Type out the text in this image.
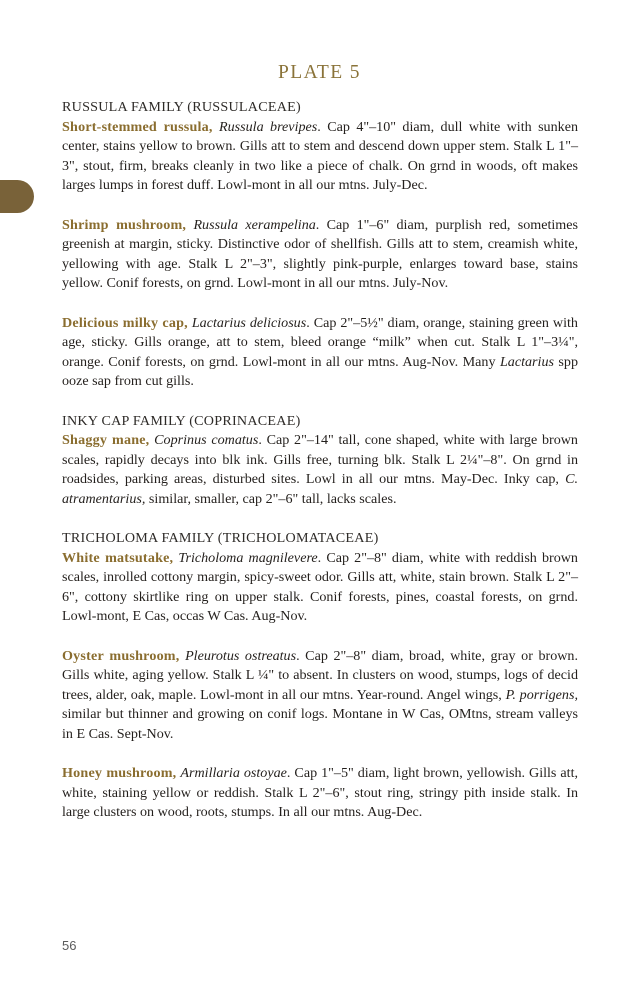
PLATE 5

RUSSULA FAMILY (RUSSULACEAE)

Short-stemmed russula, Russula brevipes. Cap 4"–10" diam, dull white with sunken center, stains yellow to brown. Gills att to stem and descend down upper stem. Stalk L 1"–3", stout, firm, breaks cleanly in two like a piece of chalk. On grnd in woods, oft makes larges lumps in forest duff. Lowl-mont in all our mtns. July-Dec.

Shrimp mushroom, Russula xerampelina. Cap 1"–6" diam, purplish red, sometimes greenish at margin, sticky. Distinctive odor of shellfish. Gills att to stem, creamish white, yellowing with age. Stalk L 2"–3", slightly pink-purple, enlarges toward base, stains yellow. Conif forests, on grnd. Lowl-mont in all our mtns. July-Nov.

Delicious milky cap, Lactarius deliciosus. Cap 2"–5½" diam, orange, staining green with age, sticky. Gills orange, att to stem, bleed orange “milk” when cut. Stalk L 1"–3¼", orange. Conif forests, on grnd. Lowl-mont in all our mtns. Aug-Nov. Many Lactarius spp ooze sap from cut gills.

INKY CAP FAMILY (COPRINACEAE)

Shaggy mane, Coprinus comatus. Cap 2"–14" tall, cone shaped, white with large brown scales, rapidly decays into blk ink. Gills free, turning blk. Stalk L 2¼"–8". On grnd in roadsides, parking areas, disturbed sites. Lowl in all our mtns. May-Dec. Inky cap, C. atramentarius, similar, smaller, cap 2"–6" tall, lacks scales.

TRICHOLOMA FAMILY (TRICHOLOMATACEAE)

White matsutake, Tricholoma magnilevere. Cap 2"–8" diam, white with reddish brown scales, inrolled cottony margin, spicy-sweet odor. Gills att, white, stain brown. Stalk L 2"–6", cottony skirtlike ring on upper stalk. Conif forests, pines, coastal forests, on grnd. Lowl-mont, E Cas, occas W Cas. Aug-Nov.

Oyster mushroom, Pleurotus ostreatus. Cap 2"–8" diam, broad, white, gray or brown. Gills white, aging yellow. Stalk L ¼" to absent. In clusters on wood, stumps, logs of decid trees, alder, oak, maple. Lowl-mont in all our mtns. Year-round. Angel wings, P. porrigens, similar but thinner and growing on conif logs. Montane in W Cas, OMtns, stream valleys in E Cas. Sept-Nov.

Honey mushroom, Armillaria ostoyae. Cap 1"–5" diam, light brown, yellowish. Gills att, white, staining yellow or reddish. Stalk L 2"–6", stout ring, stringy pith inside stalk. In large clusters on wood, roots, stumps. In all our mtns. Aug-Dec.

56
